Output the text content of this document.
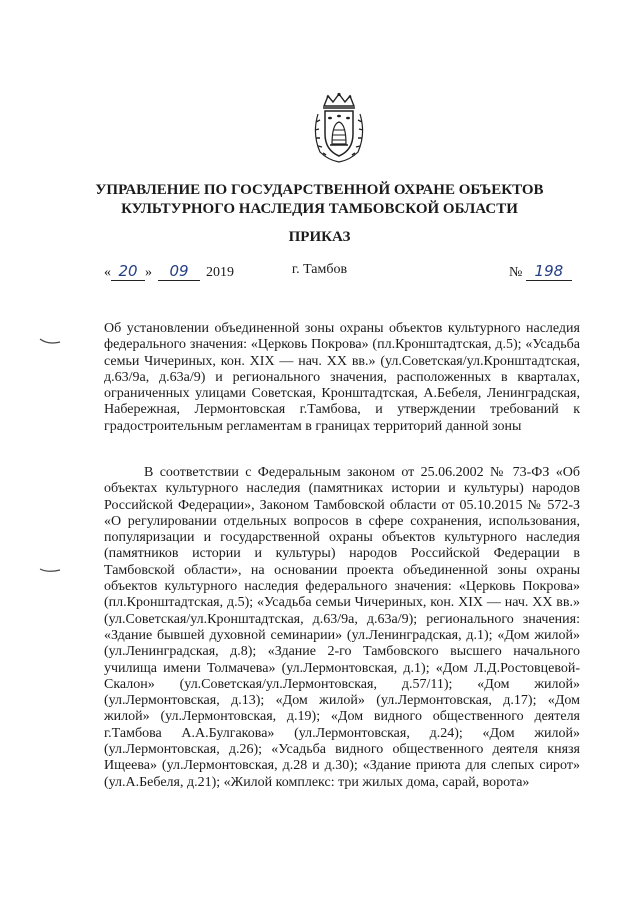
УПРАВЛЕНИЕ ПО ГОСУДАРСТВЕННОЙ ОХРАНЕ ОБЪЕКТОВ
КУЛЬТУРНОГО НАСЛЕДИЯ ТАМБОВСКОЙ ОБЛАСТИ
ПРИКАЗ
« 20 » 09 2019	г. Тамбов	№ 198
Об установлении объединенной зоны охраны объектов культурного наследия федерального значения: «Церковь Покрова» (пл.Кронштадтская, д.5); «Усадьба семьи Чичериных, кон. XIX — нач. XX вв.» (ул.Советская/ул.Кронштадтская, д.63/9а, д.63а/9) и регионального значения, расположенных в кварталах, ограниченных улицами Советская, Кронштадтская, А.Бебеля, Ленинградская, Набережная, Лермонтовская г.Тамбова, и утверждении требований к градостроительным регламентам в границах территорий данной зоны
В соответствии с Федеральным законом от 25.06.2002 № 73-ФЗ «Об объектах культурного наследия (памятниках истории и культуры) народов Российской Федерации», Законом Тамбовской области от 05.10.2015 № 572-З «О регулировании отдельных вопросов в сфере сохранения, использования, популяризации и государственной охраны объектов культурного наследия (памятников истории и культуры) народов Российской Федерации в Тамбовской области», на основании проекта объединенной зоны охраны объектов культурного наследия федерального значения: «Церковь Покрова» (пл.Кронштадтская, д.5); «Усадьба семьи Чичериных, кон. XIX — нач. XX вв.» (ул.Советская/ул.Кронштадтская, д.63/9а, д.63а/9); регионального значения: «Здание бывшей духовной семинарии» (ул.Ленинградская, д.1); «Дом жилой» (ул.Ленинградская, д.8); «Здание 2-го Тамбовского высшего начального училища имени Толмачева» (ул.Лермонтовская, д.1); «Дом Л.Д.Ростовцевой-Скалон» (ул.Советская/ул.Лермонтовская, д.57/11); «Дом жилой» (ул.Лермонтовская, д.13); «Дом жилой» (ул.Лермонтовская, д.17); «Дом жилой» (ул.Лермонтовская, д.19); «Дом видного общественного деятеля г.Тамбова А.А.Булгакова» (ул.Лермонтовская, д.24); «Дом жилой» (ул.Лермонтовская, д.26); «Усадьба видного общественного деятеля князя Ищеева» (ул.Лермонтовская, д.28 и д.30); «Здание приюта для слепых сирот» (ул.А.Бебеля, д.21); «Жилой комплекс: три жилых дома, сарай, ворота»
